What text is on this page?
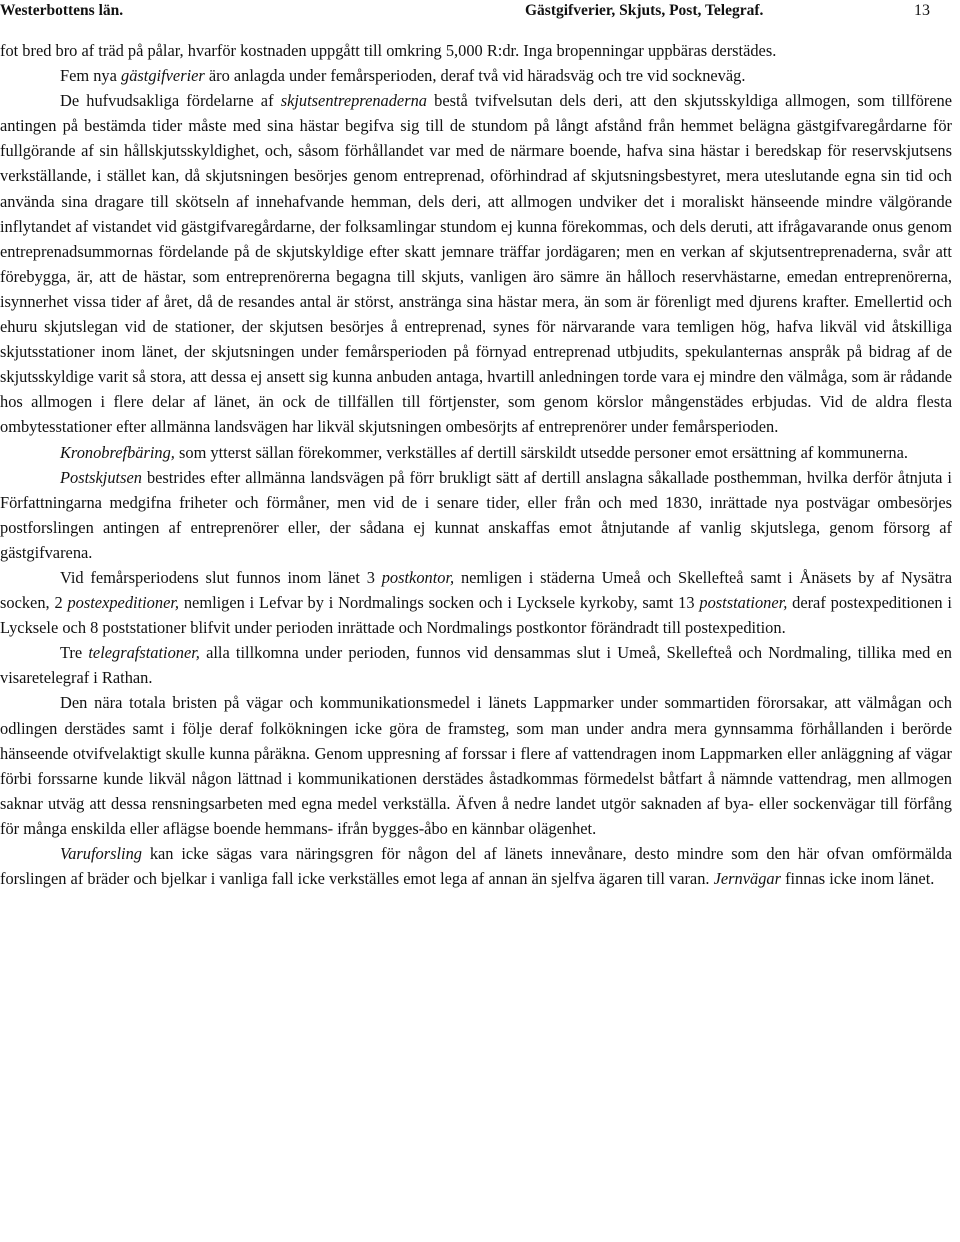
Westerbottens län.	Gästgifverier, Skjuts, Post, Telegraf.	13

fot bred bro af träd på pålar, hvarför kostnaden uppgått till omkring 5,000 R:dr. Inga bropenningar uppbäras derstädes.

Fem nya gästgifverier äro anlagda under femårsperioden, deraf två vid häradsväg och tre vid sockneväg.

De hufvudsakliga fördelarne af skjutsentreprenaderna bestå tvifvelsutan dels deri, att den skjutsskyldiga allmogen, som tillförene antingen på bestämda tider måste med sina hästar begifva sig till de stundom på långt afstånd från hemmet belägna gästgifvaregårdarne för fullgörande af sin hållskjutsskyldighet, och, såsom förhållandet var med de närmare boende, hafva sina hästar i beredskap för reservskjutsens verkställande, i stället kan, då skjutsningen besörjes genom entreprenad, oförhindrad af skjutsningsbestyret, mera uteslutande egna sin tid och använda sina dragare till skötseln af innehafvande hemman, dels deri, att allmogen undviker det i moraliskt hänseende mindre välgörande inflytandet af vistandet vid gästgifvaregårdarne, der folksamlingar stundom ej kunna förekommas, och dels deruti, att ifrågavarande onus genom entreprenadsummornas fördelande på de skjutskyldige efter skatt jemnare träffar jordägaren; men en verkan af skjutsentreprenaderna, svår att förebygga, är, att de hästar, som entreprenörerna begagna till skjuts, vanligen äro sämre än hålloch reservhästarne, emedan entreprenörerna, isynnerhet vissa tider af året, då de resandes antal är störst, anstränga sina hästar mera, än som är förenligt med djurens krafter. Emellertid och ehuru skjutslegan vid de stationer, der skjutsen besörjes å entreprenad, synes för närvarande vara temligen hög, hafva likväl vid åtskilliga skjutsstationer inom länet, der skjutsningen under femårsperioden på förnyad entreprenad utbjudits, spekulanternas anspråk på bidrag af de skjutsskyldige varit så stora, att dessa ej ansett sig kunna anbuden antaga, hvartill anledningen torde vara ej mindre den välmåga, som är rådande hos allmogen i flere delar af länet, än ock de tillfällen till förtjenster, som genom körslor mångenstädes erbjudas. Vid de aldra flesta ombytesstationer efter allmänna landsvägen har likväl skjutsningen ombesörjts af entreprenörer under femårsperioden.

Kronobrefbäring, som ytterst sällan förekommer, verkställes af dertill särskildt utsedde personer emot ersättning af kommunerna.

Postskjutsen bestrides efter allmänna landsvägen på förr brukligt sätt af dertill anslagna såkallade posthemman, hvilka derför åtnjuta i Författningarna medgifna friheter och förmåner, men vid de i senare tider, eller från och med 1830, inrättade nya postvägar ombesörjes postforslingen antingen af entreprenörer eller, der sådana ej kunnat anskaffas emot åtnjutande af vanlig skjutslega, genom försorg af gästgifvarena.

Vid femårsperiodens slut funnos inom länet 3 postkontor, nemligen i städerna Umeå och Skellefteå samt i Ånäsets by af Nysätra socken, 2 postexpeditioner, nemligen i Lefvar by i Nordmalings socken och i Lycksele kyrkoby, samt 13 poststationer, deraf postexpeditionen i Lycksele och 8 poststationer blifvit under perioden inrättade och Nordmalings postkontor förändradt till postexpedition.

Tre telegrafstationer, alla tillkomna under perioden, funnos vid densammas slut i Umeå, Skellefteå och Nordmaling, tillika med en visaretelegraf i Rathan.

Den nära totala bristen på vägar och kommunikationsmedel i länets Lappmarker under sommartiden förorsakar, att välmågan och odlingen derstädes samt i följe deraf folkökningen icke göra de framsteg, som man under andra mera gynnsamma förhållanden i berörde hänseende otvifvelaktigt skulle kunna påräkna. Genom uppresning af forssar i flere af vattendragen inom Lappmarken eller anläggning af vägar förbi forssarne kunde likväl någon lättnad i kommunikationen derstädes åstadkommas förmedelst båtfart å nämnde vattendrag, men allmogen saknar utväg att dessa rensningsarbeten med egna medel verkställa. Äfven å nedre landet utgör saknaden af bya- eller sockenvägar till förfång för många enskilda eller aflägse boende hemmans- ifrån bygges-åbo en kännbar olägenhet.

Varuforsling kan icke sägas vara näringsgren för någon del af länets innevånare, desto mindre som den här ofvan omförmälda forslingen af bräder och bjelkar i vanliga fall icke verkställes emot lega af annan än sjelfva ägaren till varan. Jernvägar finnas icke inom länet.
